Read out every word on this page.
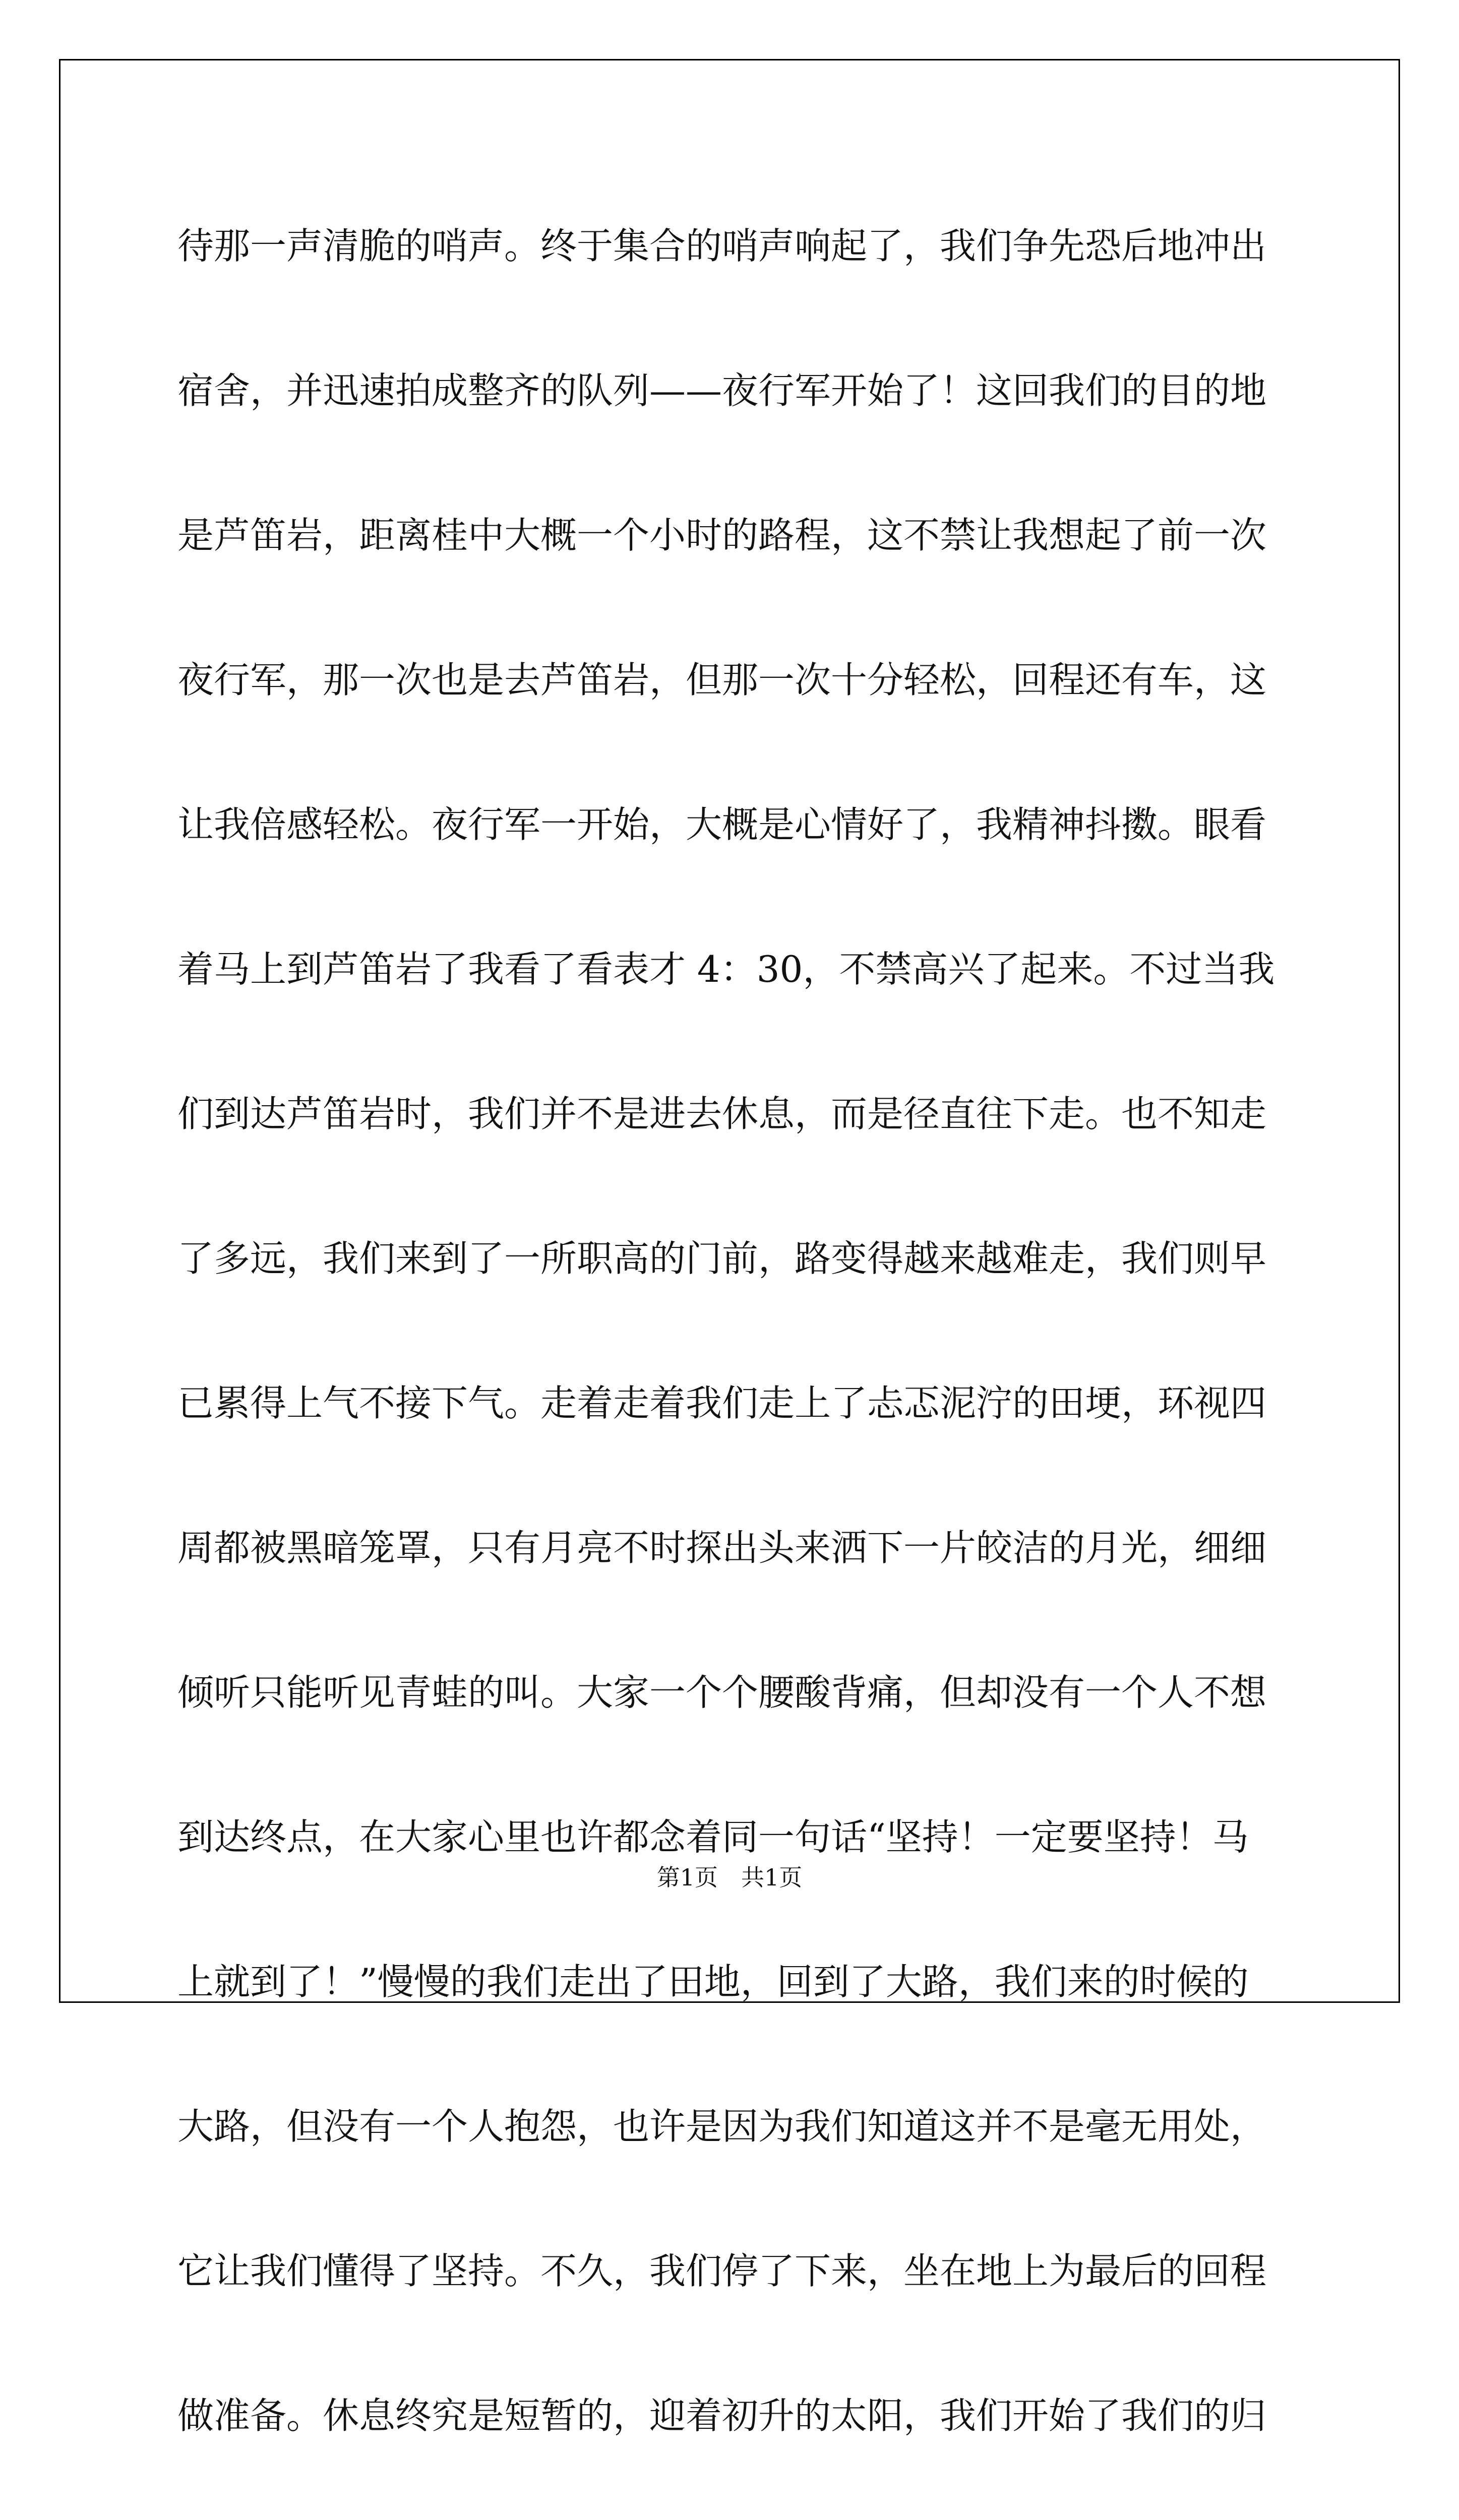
待那一声清脆的哨声。终于集合的哨声响起了，我们争先恐后地冲出
宿舍，并迅速拍成整齐的队列——夜行军开始了！这回我们的目的地
是芦笛岩，距离桂中大概一个小时的路程，这不禁让我想起了前一次
夜行军，那一次也是去芦笛岩，但那一次十分轻松，回程还有车，这
让我倍感轻松。夜行军一开始，大概是心情好了，我精神抖擞。眼看
着马上到芦笛岩了我看了看表才 4：30，不禁高兴了起来。不过当我
们到达芦笛岩时，我们并不是进去休息，而是径直往下走。也不知走
了多远，我们来到了一所职高的门前，路变得越来越难走，我们则早
已累得上气不接下气。走着走着我们走上了忐忑泥泞的田埂，环视四
周都被黑暗笼罩，只有月亮不时探出头来洒下一片皎洁的月光，细细
倾听只能听见青蛙的叫。大家一个个腰酸背痛，但却没有一个人不想
到达终点，在大家心里也许都念着同一句话“坚持！一定要坚持！马
上就到了！”慢慢的我们走出了田地，回到了大路，我们来的时候的
大路，但没有一个人抱怨，也许是因为我们知道这并不是毫无用处，
它让我们懂得了坚持。不久，我们停了下来，坐在地上为最后的回程
做准备。休息终究是短暂的，迎着初升的太阳，我们开始了我们的归
第1页　共1页
